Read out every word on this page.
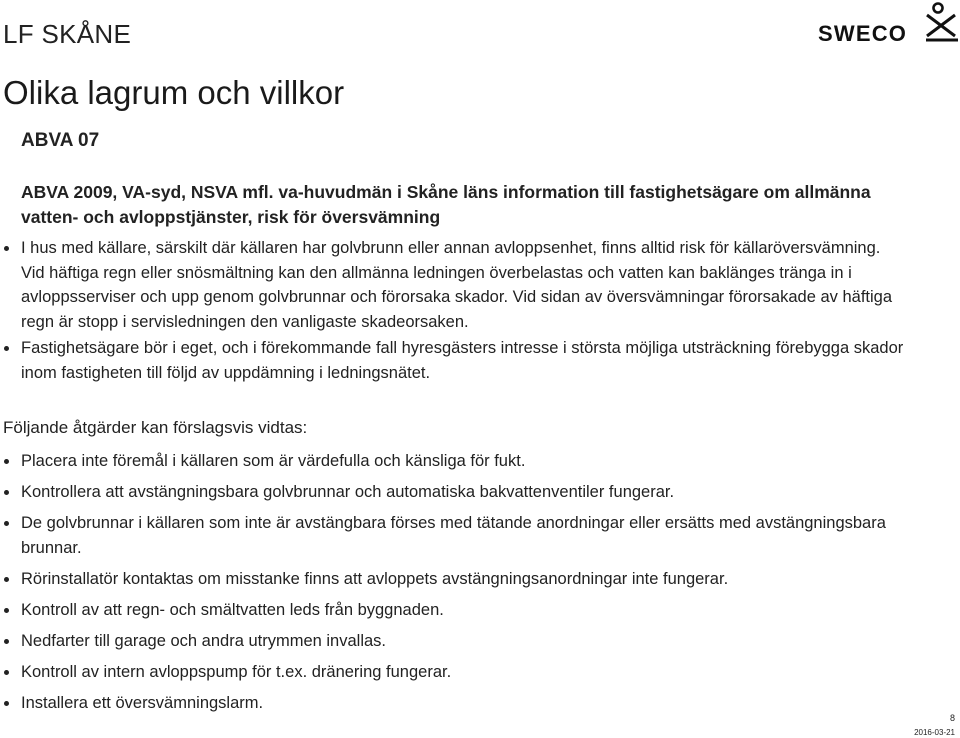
LF SKÅNE	SWECO
Olika lagrum och villkor
ABVA 07
ABVA 2009, VA-syd, NSVA mfl. va-huvudmän i Skåne läns information till fastighetsägare om allmänna vatten- och avloppstjänster, risk för översvämning
I hus med källare, särskilt där källaren har golvbrunn eller annan avloppsenhet, finns alltid risk för källaröversvämning. Vid häftiga regn eller snösmältning kan den allmänna ledningen överbelastas och vatten kan baklänges tränga in i avloppsserviser och upp genom golvbrunnar och förorsaka skador. Vid sidan av översvämningar förorsakade av häftiga regn är stopp i servisledningen den vanligaste skadeorsaken.
Fastighetsägare bör i eget, och i förekommande fall hyresgästers intresse i största möjliga utsträckning förebygga skador inom fastigheten till följd av uppdämning i ledningsnätet.
Följande åtgärder kan förslagsvis vidtas:
Placera inte föremål i källaren som är värdefulla och känsliga för fukt.
Kontrollera att avstängningsbara golvbrunnar och automatiska bakvattenventiler fungerar.
De golvbrunnar i källaren som inte är avstängbara förses med tätande anordningar eller ersätts med avstängningsbara brunnar.
Rörinstallatör kontaktas om misstanke finns att avloppets avstängningsanordningar inte fungerar.
Kontroll av att regn- och smältvatten leds från byggnaden.
Nedfarter till garage och andra utrymmen invallas.
Kontroll av intern avloppspump för t.ex. dränering fungerar.
Installera ett översvämningslarm.
8
2016-03-21
